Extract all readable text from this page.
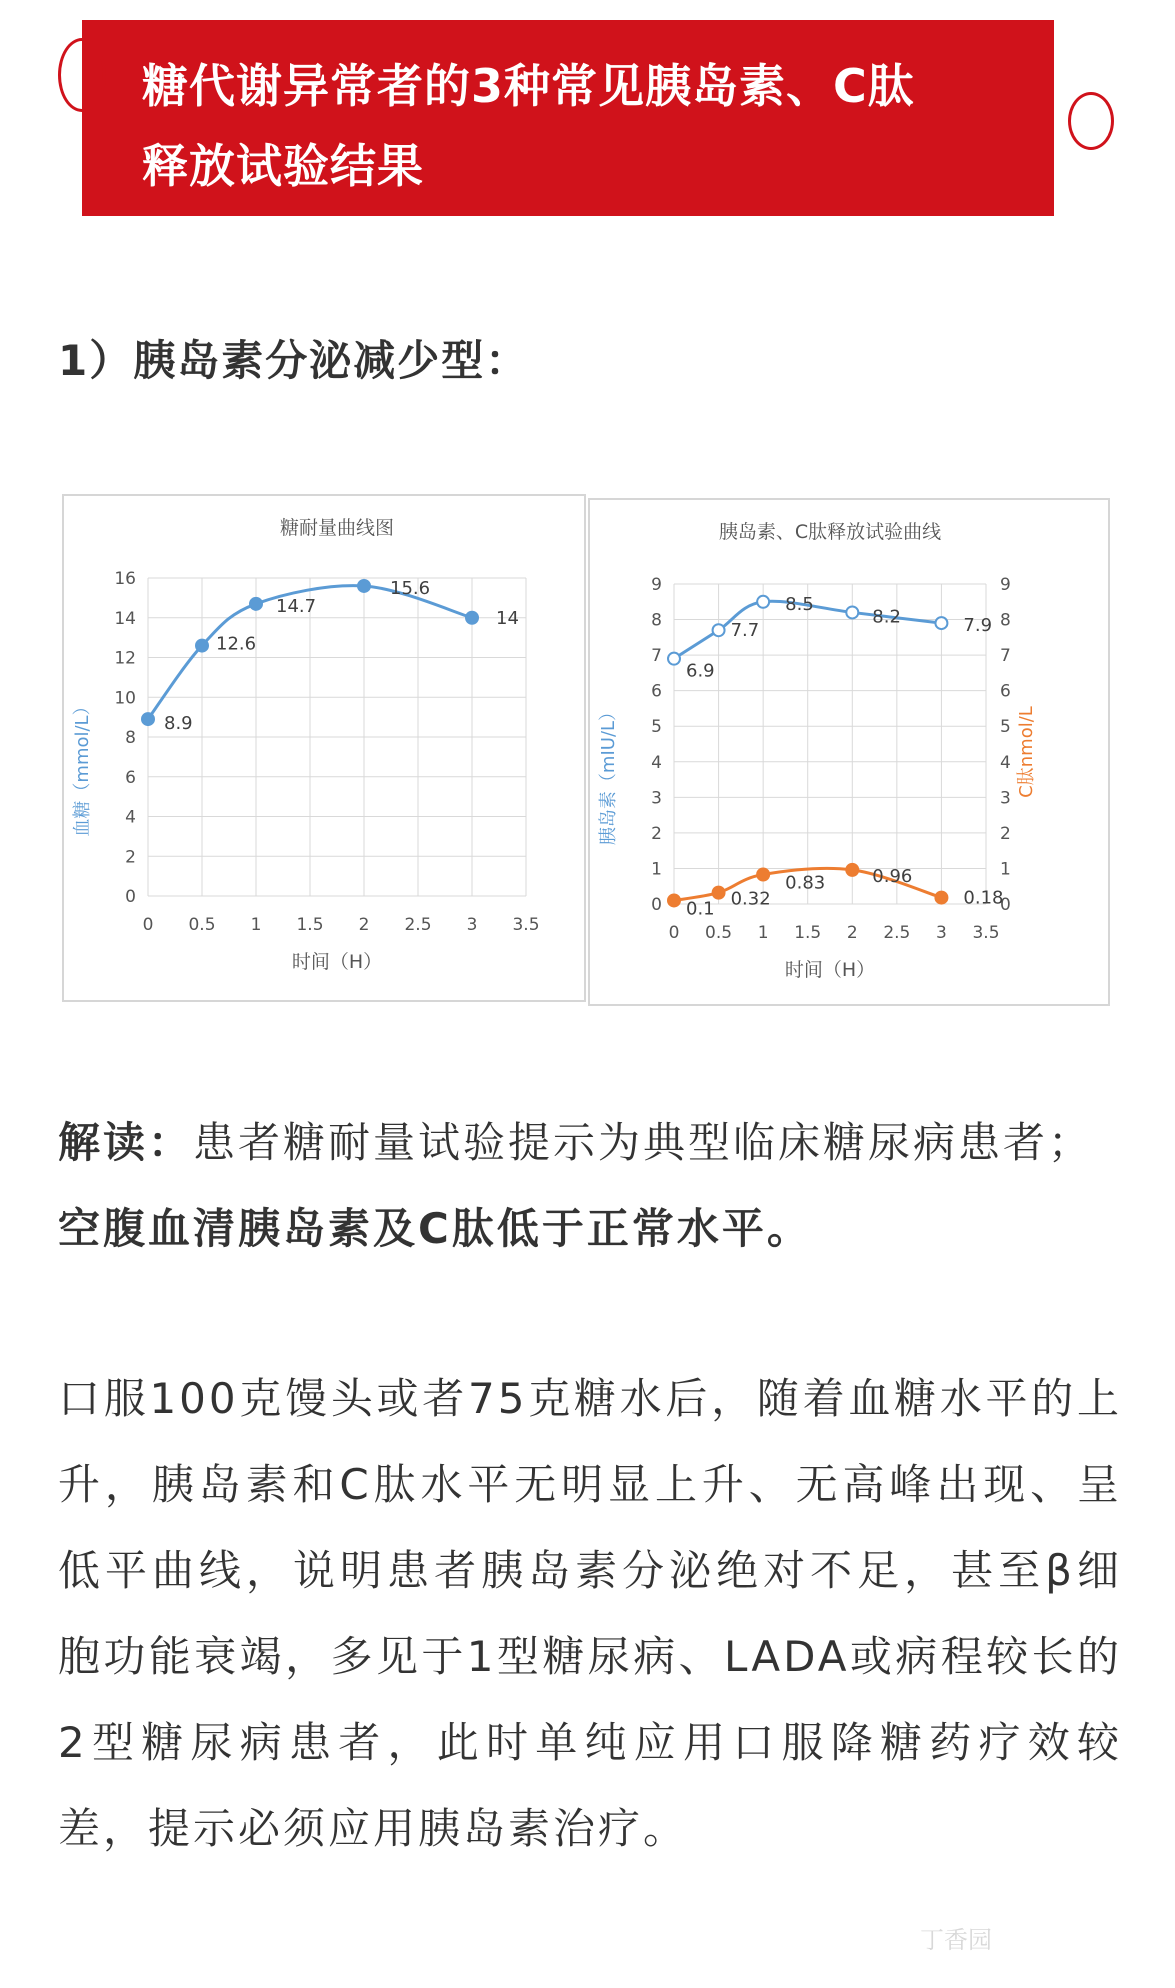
糖代谢异常者的3种常见胰岛素、C肽

释放试验结果

1）胰岛素分泌减少型：
糖耐量曲线图
0
2
4
6
8
10
12
14
16
0 0.5 1 1.5 2 2.5 3 3.5
时间（H）
血糖（mmol/L）	8.9
12.6
14.7
15.6
14
胰岛素、C肽释放试验曲线
0
1
2
3
4
5
6
7
8
9
0 0.5 1 1.5 2 2.5 3 3.5
0
1
2
3
4
5
6
7
8
9
C肽nmol/L
时间（H）
胰岛素（mIU/L）
6.9
7.7
8.5
8.2	7.9
0.1 0.32
0.83	0.96
0.18

解读：患者糖耐量试验提示为典型临床糖尿病患者；空腹血清胰岛素及C肽低于正常水平。

口服100克馒头或者75克糖水后，随着血糖水平的上升，胰岛素和C肽水平无明显上升、无高峰出现、呈低平曲线，说明患者胰岛素分泌绝对不足，甚至β细胞功能衰竭，多见于1型糖尿病、LADA或病程较长的2型糖尿病患者，此时单纯应用口服降糖药疗效较差，提示必须应用胰岛素治疗。

丁香园
